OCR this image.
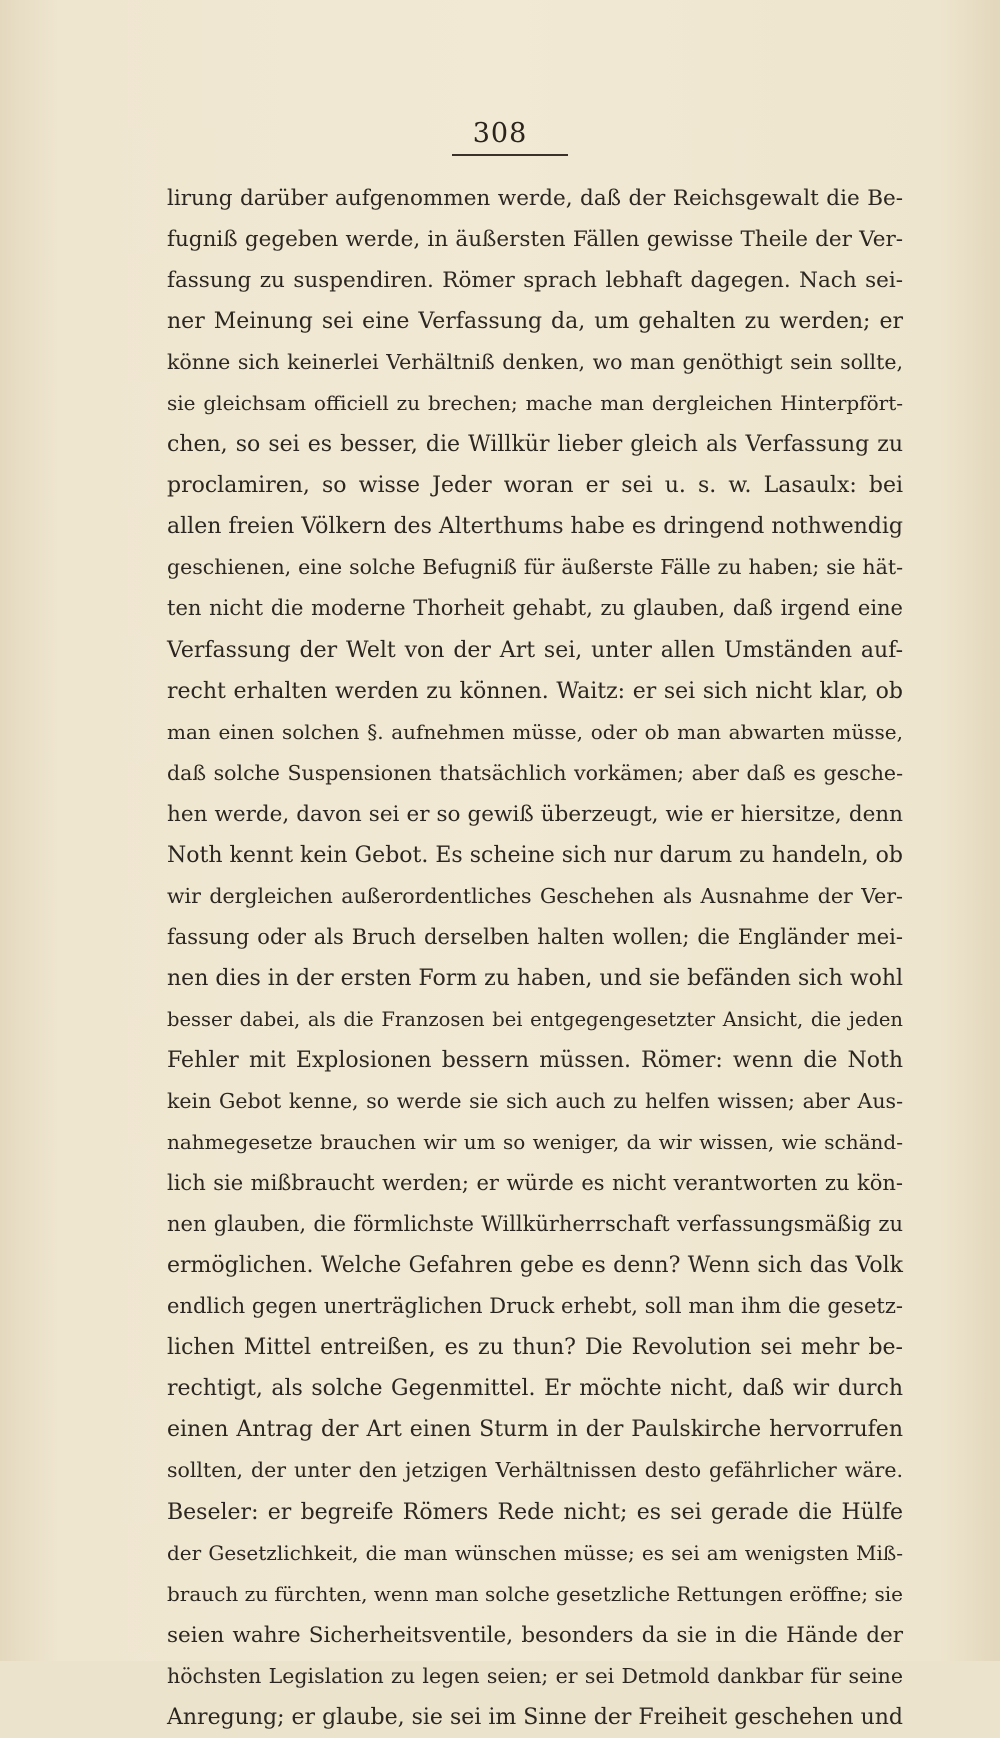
308
lirung darüber aufgenommen werde, daß der Reichsgewalt die Be-
fugniß gegeben werde, in äußersten Fällen gewisse Theile der Ver-
fassung zu suspendiren. Römer sprach lebhaft dagegen. Nach sei-
ner Meinung sei eine Verfassung da, um gehalten zu werden; er
könne sich keinerlei Verhältniß denken, wo man genöthigt sein sollte,
sie gleichsam officiell zu brechen; mache man dergleichen Hinterpfört-
chen, so sei es besser, die Willkür lieber gleich als Verfassung zu
proclamiren, so wisse Jeder woran er sei u. s. w. Lasaulx: bei
allen freien Völkern des Alterthums habe es dringend nothwendig
geschienen, eine solche Befugniß für äußerste Fälle zu haben; sie hät-
ten nicht die moderne Thorheit gehabt, zu glauben, daß irgend eine
Verfassung der Welt von der Art sei, unter allen Umständen auf-
recht erhalten werden zu können. Waitz: er sei sich nicht klar, ob
man einen solchen §. aufnehmen müsse, oder ob man abwarten müsse,
daß solche Suspensionen thatsächlich vorkämen; aber daß es gesche-
hen werde, davon sei er so gewiß überzeugt, wie er hiersitze, denn
Noth kennt kein Gebot. Es scheine sich nur darum zu handeln, ob
wir dergleichen außerordentliches Geschehen als Ausnahme der Ver-
fassung oder als Bruch derselben halten wollen; die Engländer mei-
nen dies in der ersten Form zu haben, und sie befänden sich wohl
besser dabei, als die Franzosen bei entgegengesetzter Ansicht, die jeden
Fehler mit Explosionen bessern müssen. Römer: wenn die Noth
kein Gebot kenne, so werde sie sich auch zu helfen wissen; aber Aus-
nahmegesetze brauchen wir um so weniger, da wir wissen, wie schänd-
lich sie mißbraucht werden; er würde es nicht verantworten zu kön-
nen glauben, die förmlichste Willkürherrschaft verfassungsmäßig zu
ermöglichen. Welche Gefahren gebe es denn? Wenn sich das Volk
endlich gegen unerträglichen Druck erhebt, soll man ihm die gesetz-
lichen Mittel entreißen, es zu thun? Die Revolution sei mehr be-
rechtigt, als solche Gegenmittel. Er möchte nicht, daß wir durch
einen Antrag der Art einen Sturm in der Paulskirche hervorrufen
sollten, der unter den jetzigen Verhältnissen desto gefährlicher wäre.
Beseler: er begreife Römers Rede nicht; es sei gerade die Hülfe
der Gesetzlichkeit, die man wünschen müsse; es sei am wenigsten Miß-
brauch zu fürchten, wenn man solche gesetzliche Rettungen eröffne; sie
seien wahre Sicherheitsventile, besonders da sie in die Hände der
höchsten Legislation zu legen seien; er sei Detmold dankbar für seine
Anregung; er glaube, sie sei im Sinne der Freiheit geschehen und
